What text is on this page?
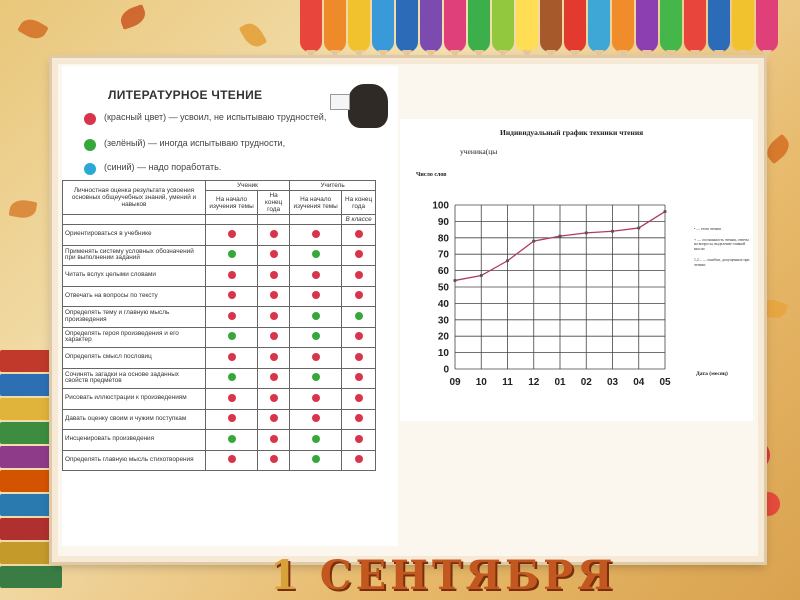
ЛИТЕРАТУРНОЕ ЧТЕНИЕ
(красный цвет) — усвоил, не испытываю трудностей,
(зелёный) — иногда испытываю трудности,
(синий) — надо поработать.
Личностная оценка результата усвоения основных общеучебных знаний, умений и навыков	Ученик		Учитель	
	На начало изучения темы	На конец года	На начало изучения темы	На конец года
				В классе
Ориентироваться в учебнике				
Применять систему условных обозначений при выполнении заданий				
Читать вслух целыми словами				
Отвечать на вопросы по тексту				
Определять тему и главную мысль произведения				
Определять героя произведения и его характер				
Определять смысл пословиц				
Сочинять загадки на основе заданных свойств предметов				
Рисовать иллюстрации к произведениям				
Давать оценку своим и чужим поступкам				
Инсценировать произведения				
Определять главную мысль стихотворения				
Индивидуальный график техники чтения
ученика(цы
Число слов
0
10
20
30
40
50
60
70
80
90
100
09 10 11 12 01 02 03 04 05
• — темп чтения
+ — осознанность чтения, ответы на вопросы, выделение главной мысли
1,2... — ошибки, допущенные при чтении
Дата (месяц)
1 СЕНТЯБРЯ
